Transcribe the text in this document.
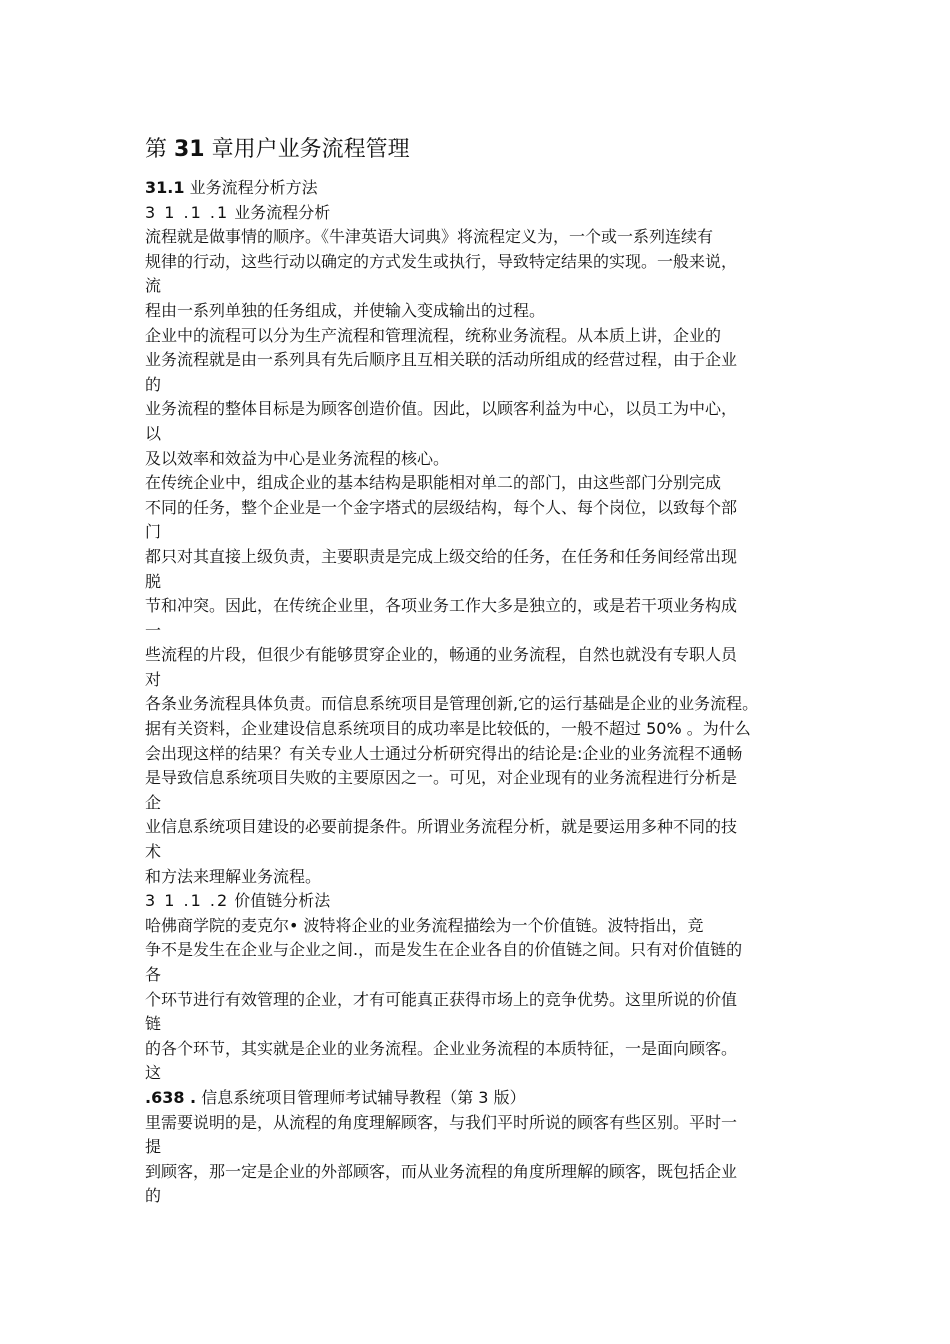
第 31 章用户业务流程管理

31.1 业务流程分析方法

3 1 .1 .1 业务流程分析

流程就是做事情的顺序。《牛津英语大词典》将流程定义为，一个或一系列连续有

规律的行动，这些行动以确定的方式发生或执行，导致特定结果的实现。一般来说，

流

程由一系列单独的任务组成，并使输入变成输出的过程。

企业中的流程可以分为生产流程和管理流程，统称业务流程。从本质上讲，企业的

业务流程就是由一系列具有先后顺序且互相关联的活动所组成的经营过程，由于企业

的

业务流程的整体目标是为顾客创造价值。因此，以顾客利益为中心，以员工为中心，

以

及以效率和效益为中心是业务流程的核心。

在传统企业中，组成企业的基本结构是职能相对单二的部门，由这些部门分别完成

不同的任务，整个企业是一个金字塔式的层级结构，每个人、每个岗位，以致每个部

门

都只对其直接上级负责，主要职责是完成上级交给的任务，在任务和任务间经常出现

脱

节和冲突。因此，在传统企业里，各项业务工作大多是独立的，或是若干项业务构成

一

些流程的片段，但很少有能够贯穿企业的，畅通的业务流程，自然也就没有专职人员

对

各条业务流程具体负责。而信息系统项目是管理创新,它的运行基础是企业的业务流程。

据有关资料，企业建设信息系统项目的成功率是比较低的，一般不超过 50% 。为什么

会出现这样的结果？有关专业人士通过分析研究得出的结论是:企业的业务流程不通畅

是导致信息系统项目失败的主要原因之一。可见，对企业现有的业务流程进行分析是

企

业信息系统项目建设的必要前提条件。所谓业务流程分析，就是要运用多种不同的技

术

和方法来理解业务流程。

3 1 .1 .2 价值链分析法

哈佛商学院的麦克尔• 波特将企业的业务流程描绘为一个价值链。波特指出，竞

争不是发生在企业与企业之间.，而是发生在企业各自的价值链之间。只有对价值链的

各

个环节进行有效管理的企业，才有可能真正获得市场上的竞争优势。这里所说的价值

链

的各个环节，其实就是企业的业务流程。企业业务流程的本质特征，一是面向顾客。

这

.638 . 信息系统项目管理师考试辅导教程（第 3 版）

里需要说明的是，从流程的角度理解顾客，与我们平时所说的顾客有些区别。平时一

提

到顾客，那一定是企业的外部顾客，而从业务流程的角度所理解的顾客，既包括企业

的
